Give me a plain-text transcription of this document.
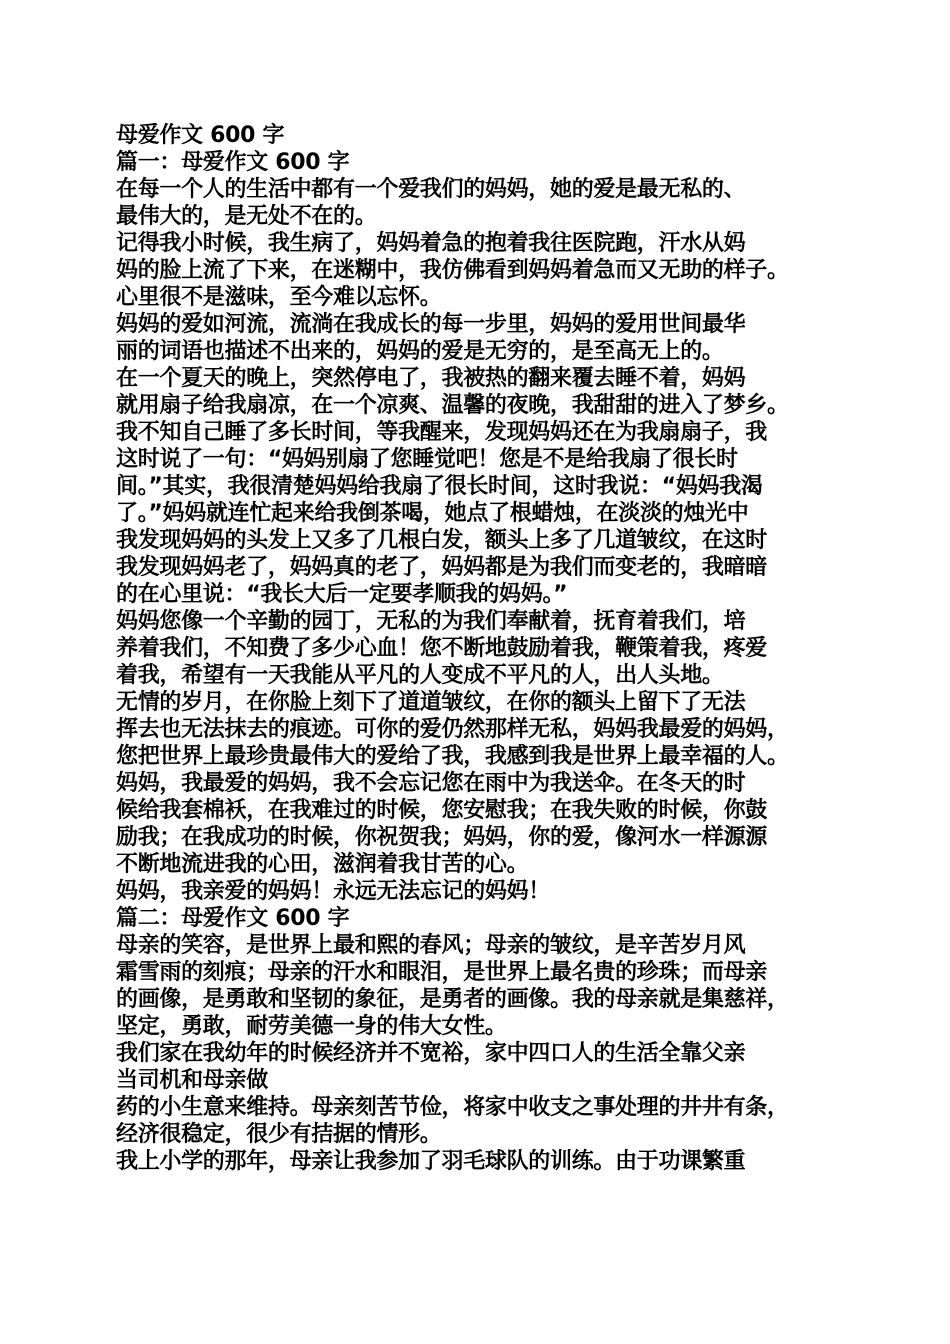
母爱作文 600 字
篇一：母爱作文 600 字
在每一个人的生活中都有一个爱我们的妈妈，她的爱是最无私的、
最伟大的，是无处不在的。
记得我小时候，我生病了，妈妈着急的抱着我往医院跑，汗水从妈
妈的脸上流了下来，在迷糊中，我仿佛看到妈妈着急而又无助的样子。
心里很不是滋味，至今难以忘怀。
妈妈的爱如河流，流淌在我成长的每一步里，妈妈的爱用世间最华
丽的词语也描述不出来的，妈妈的爱是无穷的，是至高无上的。
在一个夏天的晚上，突然停电了，我被热的翻来覆去睡不着，妈妈
就用扇子给我扇凉，在一个凉爽、温馨的夜晚，我甜甜的进入了梦乡。
我不知自己睡了多长时间，等我醒来，发现妈妈还在为我扇扇子，我
这时说了一句：“妈妈别扇了您睡觉吧！您是不是给我扇了很长时
间。”其实，我很清楚妈妈给我扇了很长时间，这时我说：“妈妈我渴
了。”妈妈就连忙起来给我倒茶喝，她点了根蜡烛，在淡淡的烛光中
我发现妈妈的头发上又多了几根白发，额头上多了几道皱纹，在这时
我发现妈妈老了，妈妈真的老了，妈妈都是为我们而变老的，我暗暗
的在心里说：“我长大后一定要孝顺我的妈妈。”
妈妈您像一个辛勤的园丁，无私的为我们奉献着，抚育着我们，培
养着我们，不知费了多少心血！您不断地鼓励着我，鞭策着我，疼爱
着我，希望有一天我能从平凡的人变成不平凡的人，出人头地。
无情的岁月，在你脸上刻下了道道皱纹，在你的额头上留下了无法
挥去也无法抹去的痕迹。可你的爱仍然那样无私，妈妈我最爱的妈妈，
您把世界上最珍贵最伟大的爱给了我，我感到我是世界上最幸福的人。
妈妈，我最爱的妈妈，我不会忘记您在雨中为我送伞。在冬天的时
候给我套棉袄，在我难过的时候，您安慰我；在我失败的时候，你鼓
励我；在我成功的时候，你祝贺我；妈妈，你的爱，像河水一样源源
不断地流进我的心田，滋润着我甘苦的心。
妈妈，我亲爱的妈妈！永远无法忘记的妈妈！
篇二：母爱作文 600 字
母亲的笑容，是世界上最和熙的春风；母亲的皱纹，是辛苦岁月风
霜雪雨的刻痕；母亲的汗水和眼泪，是世界上最名贵的珍珠；而母亲
的画像，是勇敢和坚韧的象征，是勇者的画像。我的母亲就是集慈祥，
坚定，勇敢，耐劳美德一身的伟大女性。
我们家在我幼年的时候经济并不宽裕，家中四口人的生活全靠父亲
当司机和母亲做
药的小生意来维持。母亲刻苦节俭，将家中收支之事处理的井井有条，
经济很稳定，很少有拮据的情形。
我上小学的那年，母亲让我参加了羽毛球队的训练。由于功课繁重
